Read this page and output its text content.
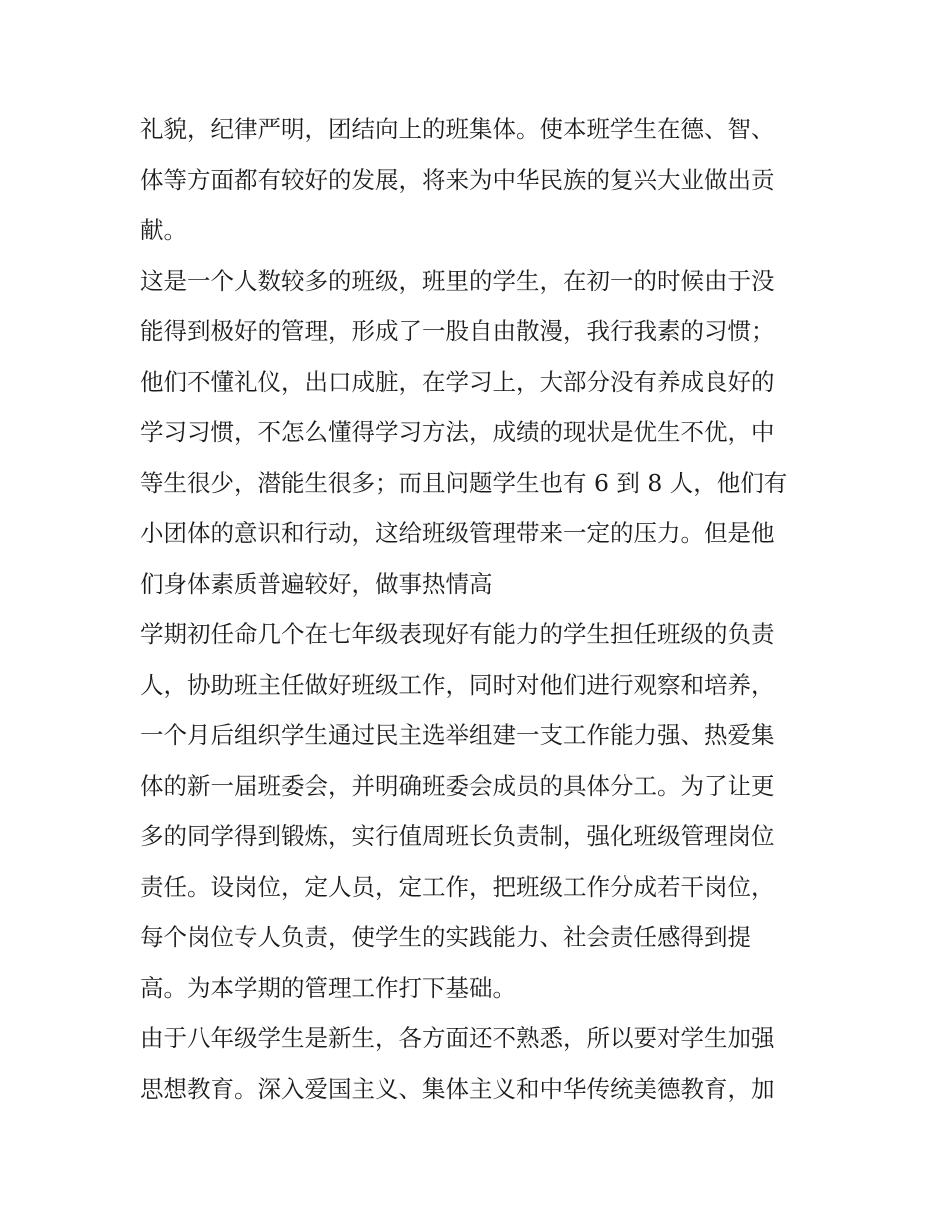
礼貌，纪律严明，团结向上的班集体。使本班学生在德、智、
体等方面都有较好的发展，将来为中华民族的复兴大业做出贡
献。

这是一个人数较多的班级，班里的学生，在初一的时候由于没
能得到极好的管理，形成了一股自由散漫，我行我素的习惯；
他们不懂礼仪，出口成脏，在学习上，大部分没有养成良好的
学习习惯，不怎么懂得学习方法，成绩的现状是优生不优，中
等生很少，潜能生很多；而且问题学生也有 6 到 8 人，他们有
小团体的意识和行动，这给班级管理带来一定的压力。但是他
们身体素质普遍较好，做事热情高

学期初任命几个在七年级表现好有能力的学生担任班级的负责
人，协助班主任做好班级工作，同时对他们进行观察和培养，
一个月后组织学生通过民主选举组建一支工作能力强、热爱集
体的新一届班委会，并明确班委会成员的具体分工。为了让更
多的同学得到锻炼，实行值周班长负责制，强化班级管理岗位
责任。设岗位，定人员，定工作，把班级工作分成若干岗位，
每个岗位专人负责，使学生的实践能力、社会责任感得到提
高。为本学期的管理工作打下基础。

由于八年级学生是新生，各方面还不熟悉，所以要对学生加强
思想教育。深入爱国主义、集体主义和中华传统美德教育，加
